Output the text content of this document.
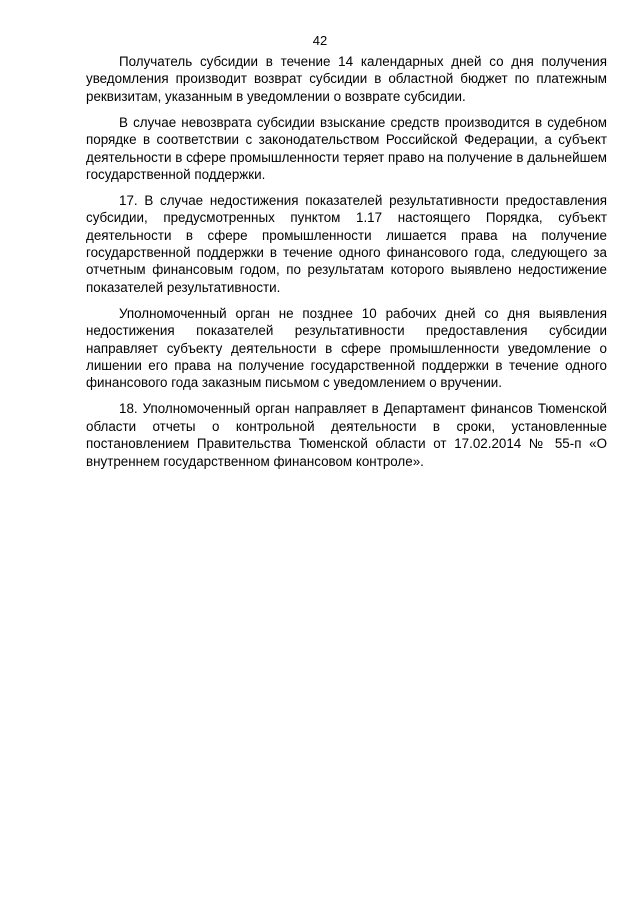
42

Получатель субсидии в течение 14 календарных дней со дня получения уведомления производит возврат субсидии в областной бюджет по платежным реквизитам, указанным в уведомлении о возврате субсидии.

В случае невозврата субсидии взыскание средств производится в судебном порядке в соответствии с законодательством Российской Федерации, а субъект деятельности в сфере промышленности теряет право на получение в дальнейшем государственной поддержки.

17. В случае недостижения показателей результативности предоставления субсидии, предусмотренных пунктом 1.17 настоящего Порядка, субъект деятельности в сфере промышленности лишается права на получение государственной поддержки в течение одного финансового года, следующего за отчетным финансовым годом, по результатам которого выявлено недостижение показателей результативности.

Уполномоченный орган не позднее 10 рабочих дней со дня выявления недостижения показателей результативности предоставления субсидии направляет субъекту деятельности в сфере промышленности уведомление о лишении его права на получение государственной поддержки в течение одного финансового года заказным письмом с уведомлением о вручении.

18. Уполномоченный орган направляет в Департамент финансов Тюменской области отчеты о контрольной деятельности в сроки, установленные постановлением Правительства Тюменской области от 17.02.2014 № 55-п «О внутреннем государственном финансовом контроле».
